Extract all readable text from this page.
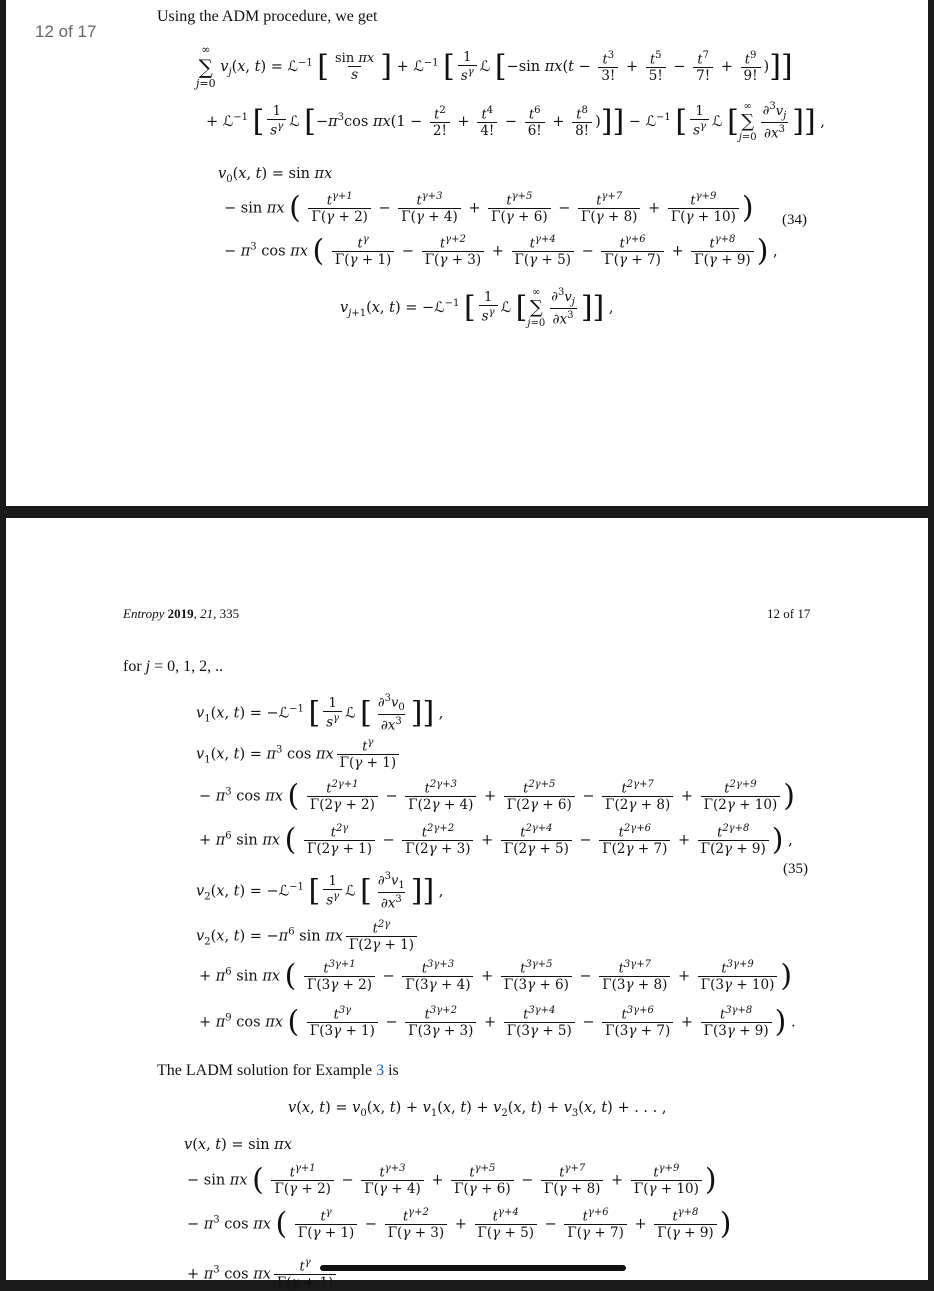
12 of 17
Using the ADM procedure, we get
∞
∑
j=0 $v_j(x$, t) = ℒ$^{-1}$ [ $\frac{\text{sin πx}}{s}$ ] + ℒ$^{-1}$ [ $\frac{1}{s^\gamma}$ ℒ [−sin $\pi x(t - \frac{t^3}{3!} + \frac{t^5}{5!} - \frac{t^7}{7!} + \frac{t^9}{9!}$ )]]
+ ℒ$^{-1}$ [ $\frac{1}{s^\gamma}$ ℒ [$-\pi^3\cos$ $\pi x(1 - \frac{t^2}{2!} + \frac{t^4}{4!} - \frac{t^6}{6!} + \frac{t^8}{8!}$ )]] − ℒ$^{-1}$ [ $\frac{1}{s^\gamma}$ ℒ [ ∞
∑
$j=0 \frac{\partial^3v_j}{\partial x^3}$ ]] ,
$v_0(x$, t) = sin πx
− sin πx ( $\frac{t^{\gamma+1}}{\Gamma(\gamma + 2)} - \frac{t^{\gamma+3}}{\Gamma(\gamma + 4)} + \frac{t^{\gamma+5}}{\Gamma(\gamma + 6)} - \frac{t^{\gamma+7}}{\Gamma(\gamma + 8)} + \frac{t^{\gamma+9}}{\Gamma(\gamma + 10)}$ ) (34)
− $\pi^3$ cos πx ( $\frac{t^\gamma}{\Gamma(\gamma + 1)} - \frac{t^{\gamma+2}}{\Gamma(\gamma + 3)} + \frac{t^{\gamma+4}}{\Gamma(\gamma + 5)} - \frac{t^{\gamma+6}}{\Gamma(\gamma + 7)} + \frac{t^{\gamma+8}}{\Gamma(\gamma + 9)}$ ) ,
$v_{j+1}(x$, t) = −ℒ$^{-1}$ [ $\frac{1}{s^\gamma}$ ℒ [ ∞
∑
$j=0 \frac{\partial^3v_j}{\partial x^3}$ ]] ,
Entropy 2019, 21, 335	12 of 17
for j = 0, 1, 2, ..
$v_1(x$, t) = −ℒ$^{-1}$ [ $\frac{1}{s^\gamma}$ ℒ [ $\frac{\partial^3v_0}{\partial x^3}$ ]] ,
$v_1(x$, $t) = \pi^3$ cos πx $\frac{t^\gamma}{\Gamma(\gamma + 1)}$
− $\pi^3$ cos πx ( $\frac{t^{2\gamma+1}}{\Gamma(2\gamma + 2)} - \frac{t^{2\gamma+3}}{\Gamma(2\gamma + 4)} + \frac{t^{2\gamma+5}}{\Gamma(2\gamma + 6)} - \frac{t^{2\gamma+7}}{\Gamma(2\gamma + 8)} + \frac{t^{2\gamma+9}}{\Gamma(2\gamma + 10)}$ )
+ $\pi^6$ sin πx ( $\frac{t^{2\gamma}}{\Gamma(2\gamma + 1)} - \frac{t^{2\gamma+2}}{\Gamma(2\gamma + 3)} + \frac{t^{2\gamma+4}}{\Gamma(2\gamma + 5)} - \frac{t^{2\gamma+6}}{\Gamma(2\gamma + 7)} + \frac{t^{2\gamma+8}}{\Gamma(2\gamma + 9)}$ ) ,
(35)
$v_2(x$, t) = −ℒ$^{-1}$ [ $\frac{1}{s^\gamma}$ ℒ [ $\frac{\partial^3v_1}{\partial x^3}$ ]] ,
$v_2(x$, $t) = -\pi^6$ sin πx $\frac{t^{2\gamma}}{\Gamma(2\gamma + 1)}$
+ $\pi^6$ sin πx ( $\frac{t^{3\gamma+1}}{\Gamma(3\gamma + 2)} - \frac{t^{3\gamma+3}}{\Gamma(3\gamma + 4)} + \frac{t^{3\gamma+5}}{\Gamma(3\gamma + 6)} - \frac{t^{3\gamma+7}}{\Gamma(3\gamma + 8)} + \frac{t^{3\gamma+9}}{\Gamma(3\gamma + 10)}$ )
+ $\pi^9$ cos πx ( $\frac{t^{3\gamma}}{\Gamma(3\gamma + 1)} - \frac{t^{3\gamma+2}}{\Gamma(3\gamma + 3)} + \frac{t^{3\gamma+4}}{\Gamma(3\gamma + 5)} - \frac{t^{3\gamma+6}}{\Gamma(3\gamma + 7)} + \frac{t^{3\gamma+8}}{\Gamma(3\gamma + 9)}$ ) .
The LADM solution for Example 3 is
v(x, $t) = v_0(x$, $t) + v_1(x$, $t) + v_2(x$, $t) + v_3(x$, t) + . . . ,
v(x, t) = sin πx
− sin πx ( $\frac{t^{\gamma+1}}{\Gamma(\gamma + 2)} - \frac{t^{\gamma+3}}{\Gamma(\gamma + 4)} + \frac{t^{\gamma+5}}{\Gamma(\gamma + 6)} - \frac{t^{\gamma+7}}{\Gamma(\gamma + 8)} + \frac{t^{\gamma+9}}{\Gamma(\gamma + 10)}$ )
− $\pi^3$ cos πx ( $\frac{t^\gamma}{\Gamma(\gamma + 1)} - \frac{t^{\gamma+2}}{\Gamma(\gamma + 3)} + \frac{t^{\gamma+4}}{\Gamma(\gamma + 5)} - \frac{t^{\gamma+6}}{\Gamma(\gamma + 7)} + \frac{t^{\gamma+8}}{\Gamma(\gamma + 9)}$ )
+ $\pi^3$ cos πx $\frac{t^\gamma}{\Gamma(\gamma + 1)}$
